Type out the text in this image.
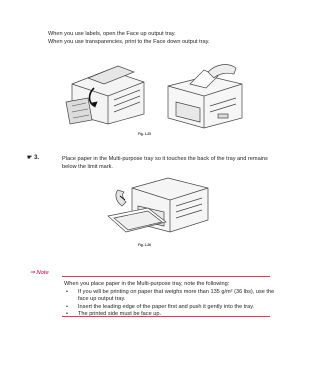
When you use labels, open the Face up output tray.
When you use transparencies, print to the Face down output tray.
Fig. 1-25
☛ 3.	Place paper in the Multi-purpose tray so it touches the back of the tray and remains below the limit mark.
Fig. 1-26
⇒ Note
When you place paper in the Multi-purpose tray, note the following:
• If you will be printing on paper that weighs more than 135 g/m² (36 lbs), use the face up output tray.
• Insert the leading edge of the paper first and push it gently into the tray.
• The printed side must be face up.
